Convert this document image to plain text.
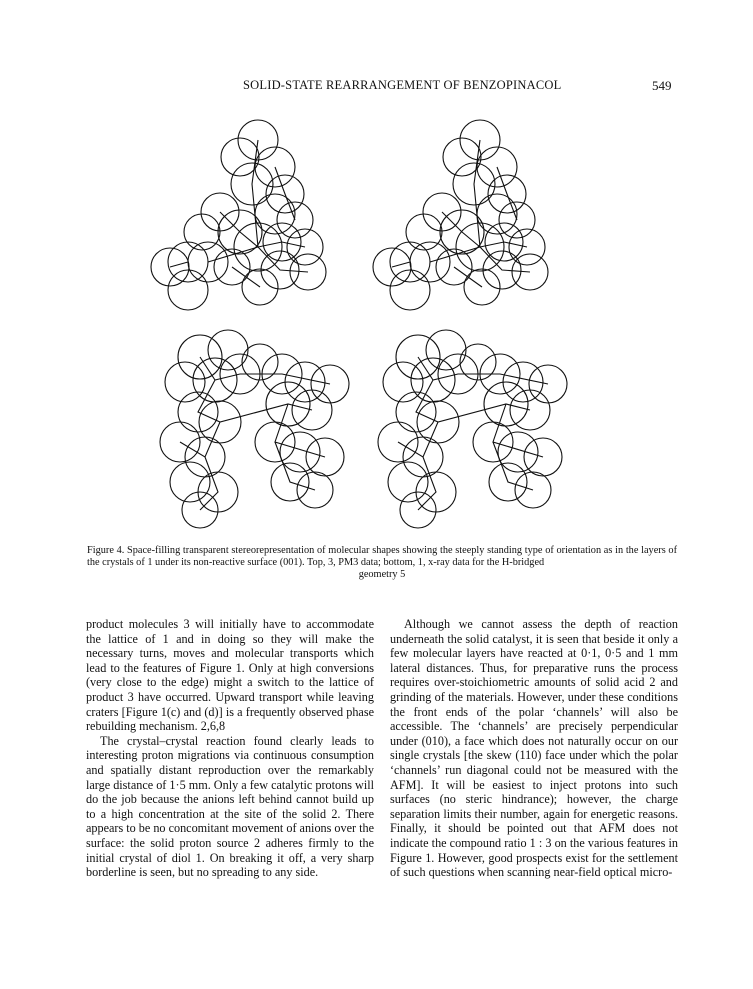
SOLID-STATE REARRANGEMENT OF BENZOPINACOL	549
Figure 4. Space-filling transparent stereorepresentation of molecular shapes showing the steeply standing type of orientation as in the layers of the crystals of 1 under its non-reactive surface (001). Top, 3, PM3 data; bottom, 1, x-ray data for the H-bridged
geometry 5

product molecules 3 will initially have to accommodate the lattice of 1 and in doing so they will make the necessary turns, moves and molecular transports which lead to the features of Figure 1. Only at high conversions (very close to the edge) might a switch to the lattice of product 3 have occurred. Upward transport while leaving craters [Figure 1(c) and (d)] is a frequently observed phase rebuilding mechanism. 2,6,8

The crystal–crystal reaction found clearly leads to interesting proton migrations via continuous consumption and spatially distant reproduction over the remarkably large distance of 1·5 mm. Only a few catalytic protons will do the job because the anions left behind cannot build up to a high concentration at the site of the solid 2. There appears to be no concomitant movement of anions over the surface: the solid proton source 2 adheres firmly to the initial crystal of diol 1. On breaking it off, a very sharp borderline is seen, but no spreading to any side.

Although we cannot assess the depth of reaction underneath the solid catalyst, it is seen that beside it only a few molecular layers have reacted at 0·1, 0·5 and 1 mm lateral distances. Thus, for preparative runs the process requires over-stoichiometric amounts of solid acid 2 and grinding of the materials. However, under these conditions the front ends of the polar ‘channels’ will also be accessible. The ‘channels’ are precisely perpendicular under (010), a face which does not naturally occur on our single crystals [the skew (110) face under which the polar ‘channels’ run diagonal could not be measured with the AFM]. It will be easiest to inject protons into such surfaces (no steric hindrance); however, the charge separation limits their number, again for energetic reasons. Finally, it should be pointed out that AFM does not indicate the compound ratio 1 : 3 on the various features in Figure 1. However, good prospects exist for the settlement of such questions when scanning near-field optical micro-
